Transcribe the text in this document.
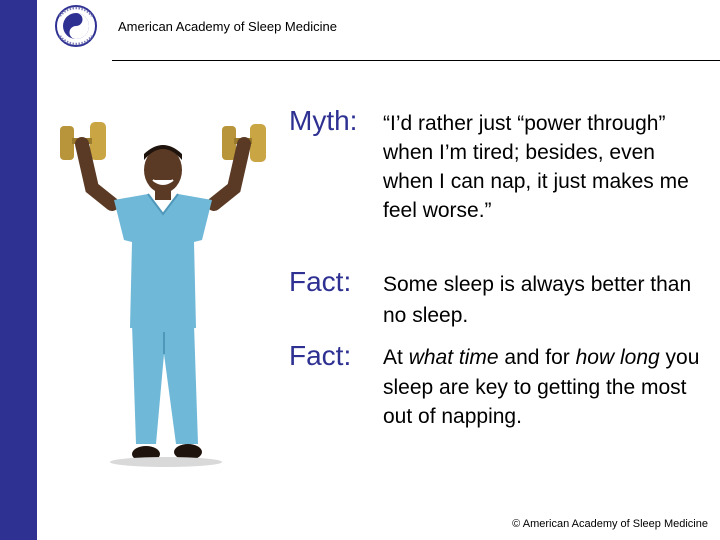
American Academy of Sleep Medicine
Myth: “I’d rather just “power through” when I’m tired; besides, even when I can nap, it just makes me feel worse.”
Fact: Some sleep is always better than no sleep.
Fact: At what time and for how long you sleep are key to getting the most out of napping.
© American Academy of Sleep Medicine
